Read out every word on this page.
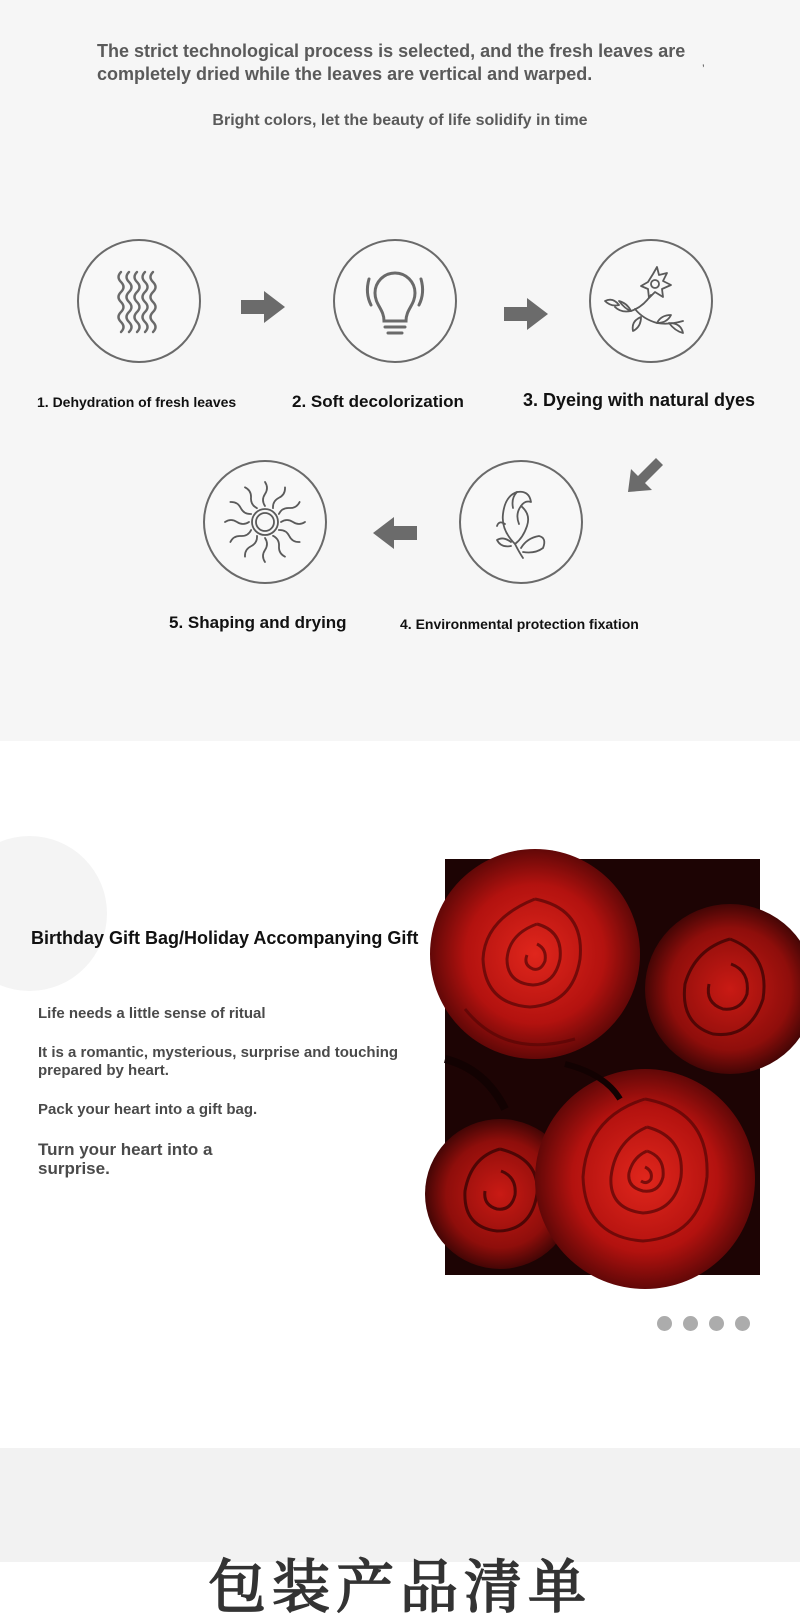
The strict technological process is selected, and the fresh leaves are completely dried while the leaves are vertical and warped.	’

Bright colors, let the beauty of life solidify in time

1. Dehydration of fresh leaves	2. Soft decolorization	3. Dyeing with natural dyes
4. Environmental protection fixation
5. Shaping and drying
Birthday Gift Bag/Holiday Accompanying Gift

Life needs a little sense of ritual

It is a romantic, mysterious, surprise and touching prepared by heart.

Pack your heart into a gift bag.

Turn your heart into a surprise.

包装产品清单
